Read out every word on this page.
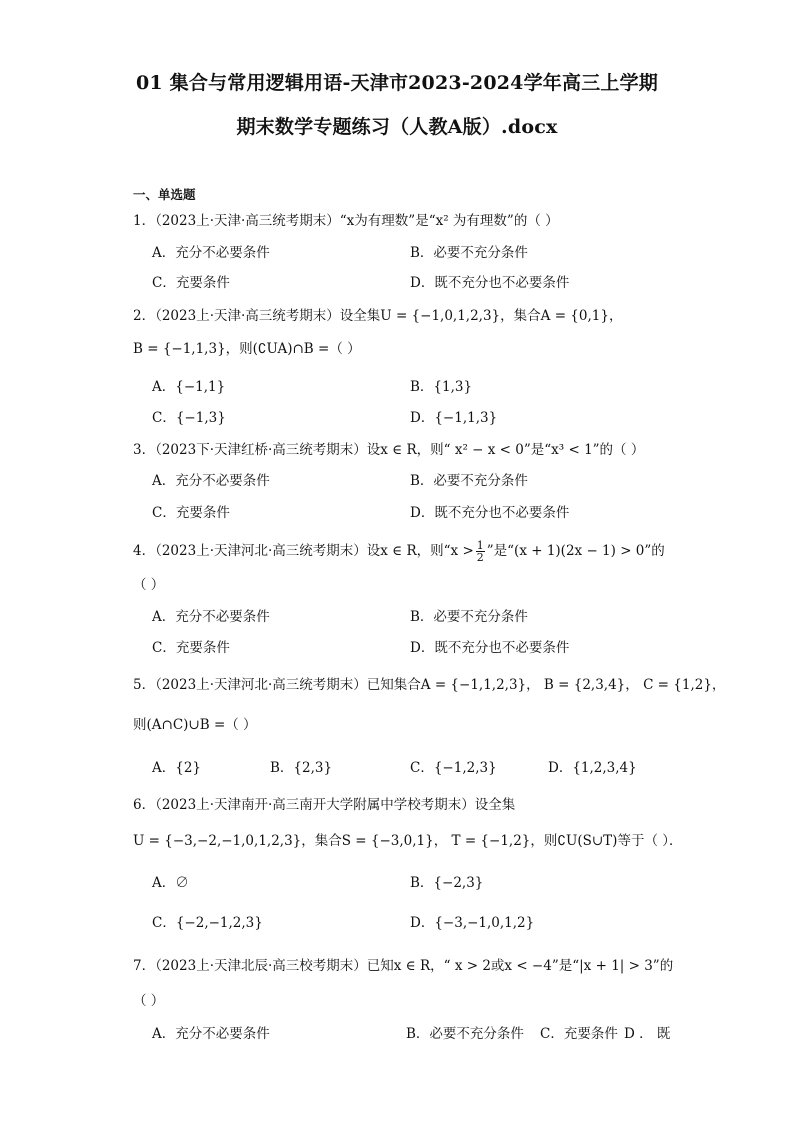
01 集合与常用逻辑用语-天津市2023-2024学年高三上学期
期末数学专题练习（人教A版）.docx
一、单选题
1．（2023上·天津·高三统考期末）“x为有理数”是“x² 为有理数”的（ ）
A．充分不必要条件	B．必要不充分条件
C．充要条件	D．既不充分也不必要条件
2．（2023上·天津·高三统考期末）设全集U = {−1,0,1,2,3}，集合A = {0,1}，
B = {−1,1,3}，则(∁UA)∩B =（ ）
A．{−1,1}	B．{1,3}
C．{−1,3}	D．{−1,1,3}
3．（2023下·天津红桥·高三统考期末）设x ∈ R，则“ x² − x < 0”是“x³ < 1”的（ ）
A．充分不必要条件	B．必要不充分条件
C．充要条件	D．既不充分也不必要条件
4．（2023上·天津河北·高三统考期末）设x ∈ R，则“$x > \frac{1}{2}$ ”是“(x + 1)(2x − 1) > 0”的
（ ）
A．充分不必要条件	B．必要不充分条件
C．充要条件	D．既不充分也不必要条件
5．（2023上·天津河北·高三统考期末）已知集合A = {−1,1,2,3}， B = {2,3,4}， C = {1,2}，
则(A∩C)∪B =（ ）
A．{2}	B．{2,3}	C．{−1,2,3}	D．{1,2,3,4}
6．（2023上·天津南开·高三南开大学附属中学校考期末）设全集
U = {−3,−2,−1,0,1,2,3}，集合S = {−3,0,1}， T = {−1,2}，则∁U(S∪T)等于（ ）．
A．∅	B．{−2,3}
C．{−2,−1,2,3}	D．{−3,−1,0,1,2}
7．（2023上·天津北辰·高三校考期末）已知x ∈ R，“ x > 2或x < −4”是“|x + 1| > 3”的
（ ）
A．充分不必要条件	B．必要不充分条件 C．充要条件 D ． 既
